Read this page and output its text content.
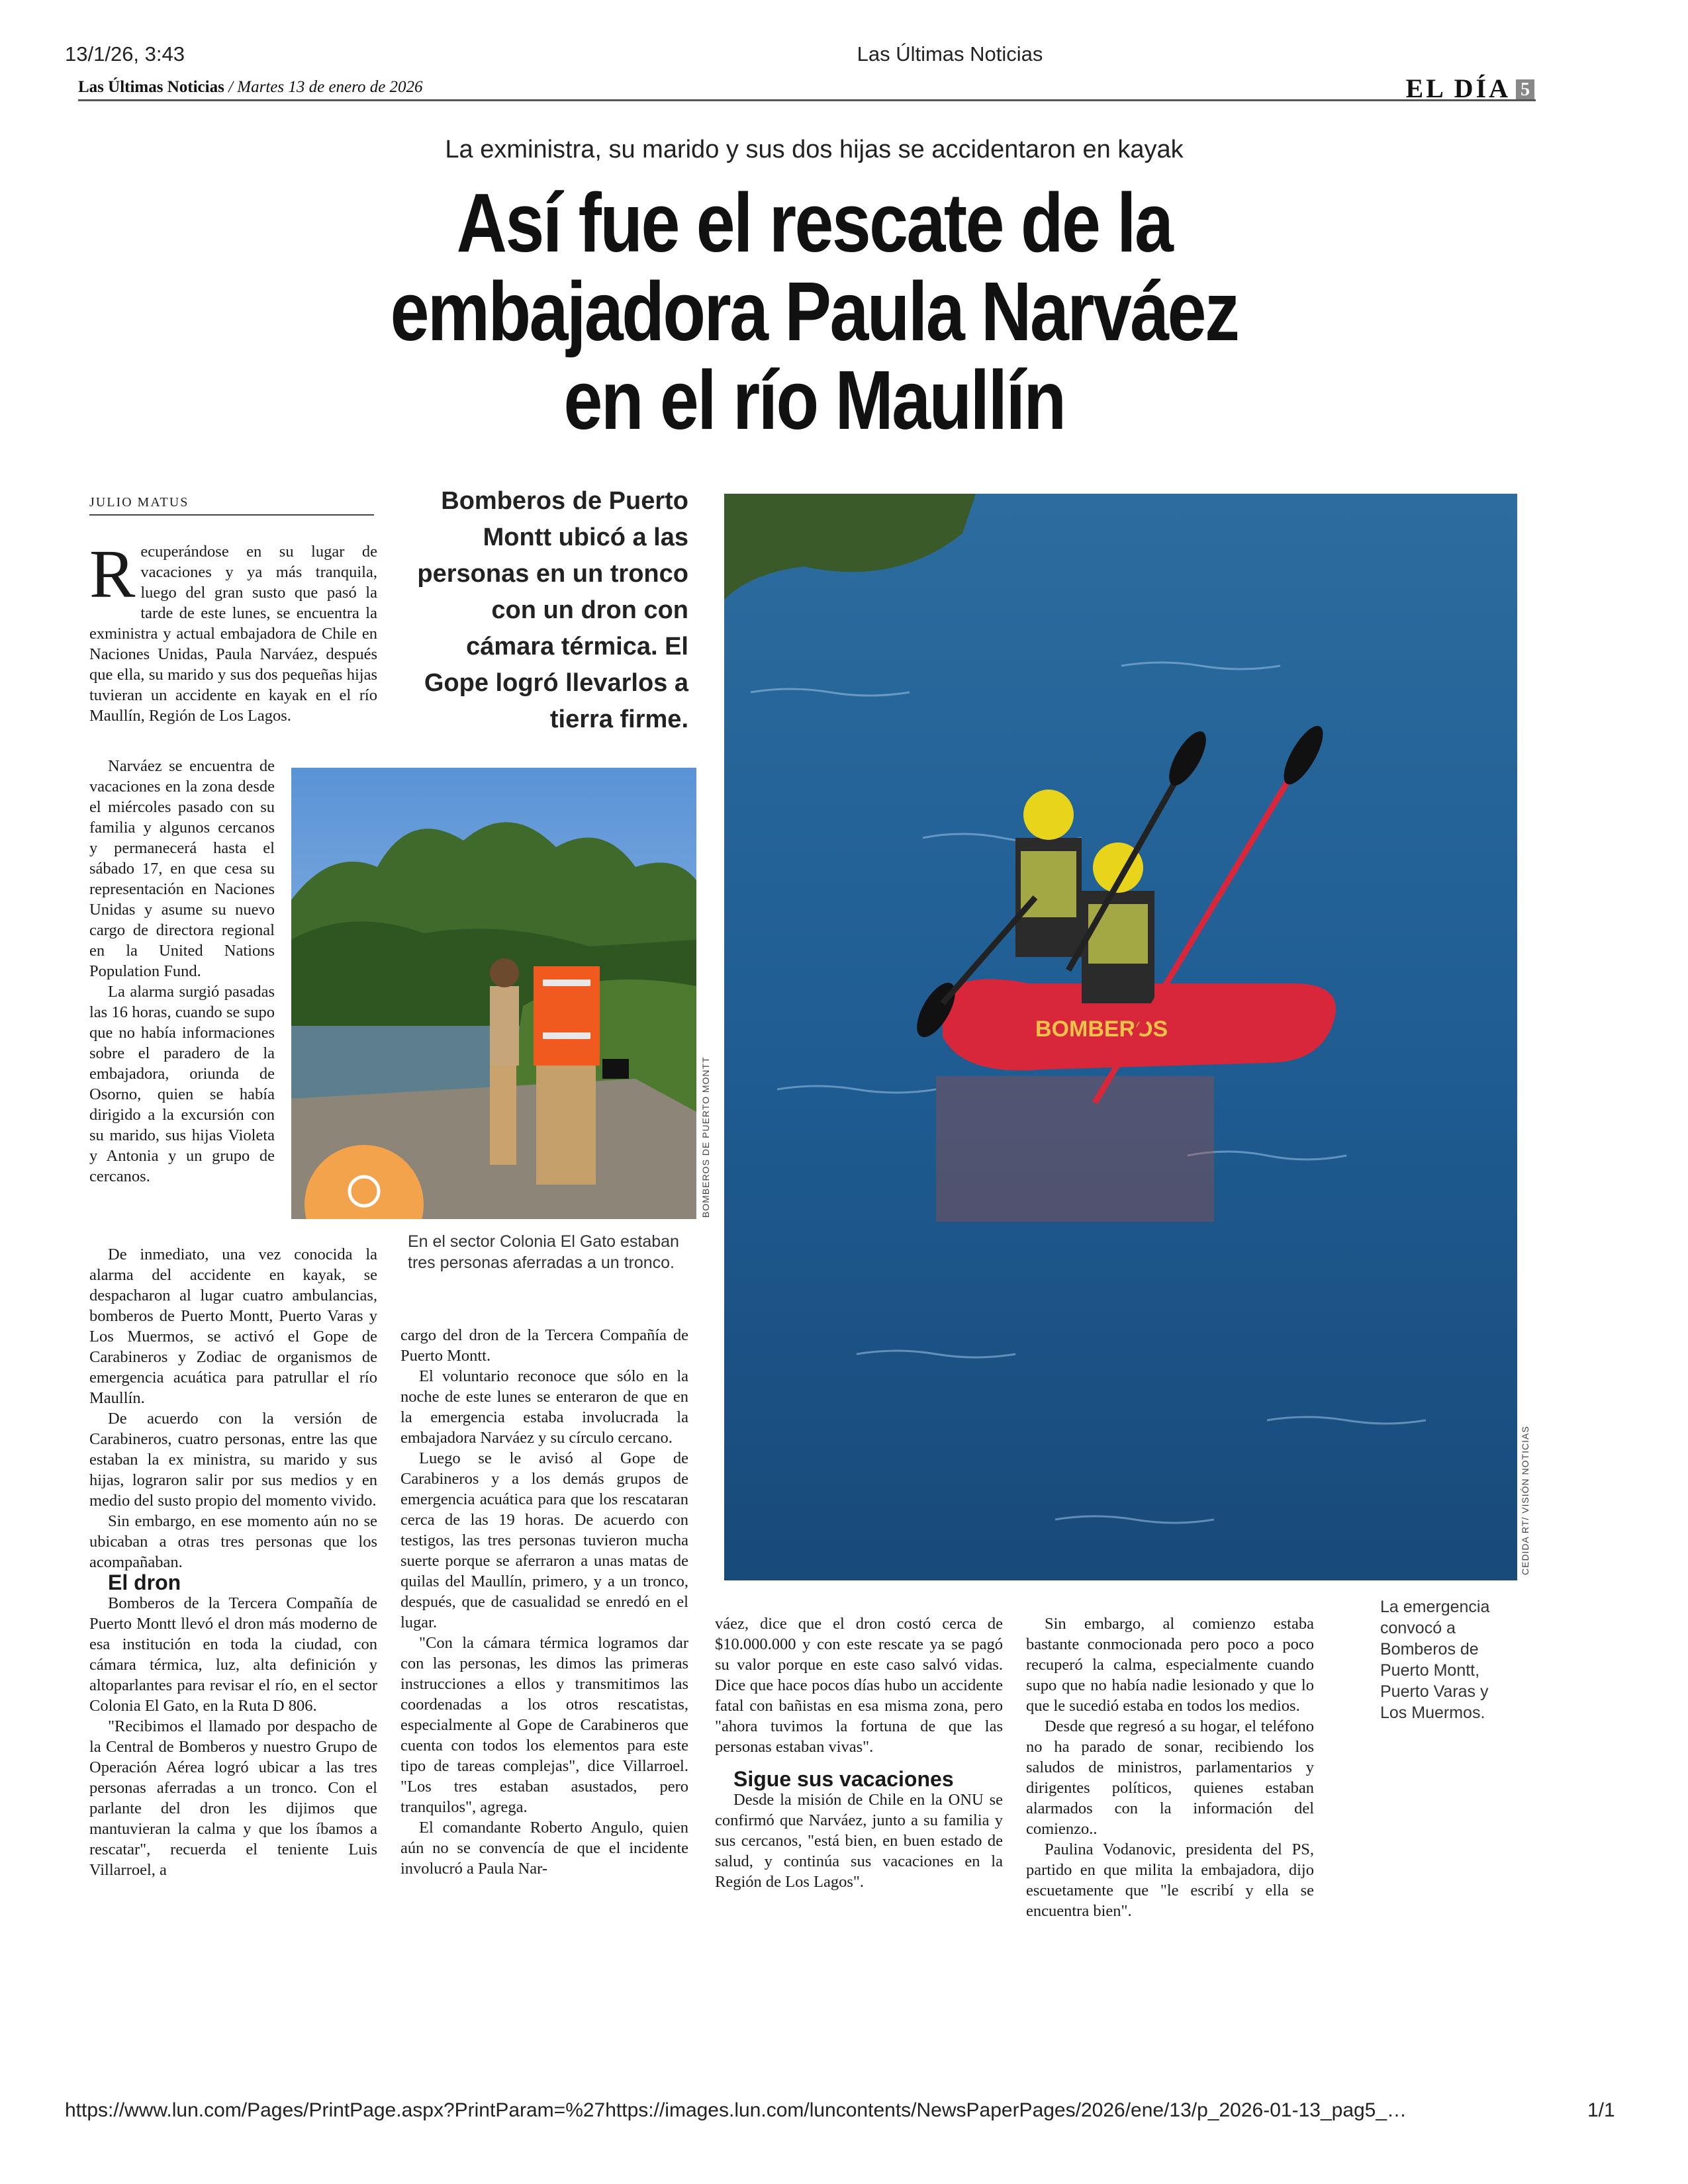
13/1/26, 3:43	Las Últimas Noticias
Las Últimas Noticias / Martes 13 de enero de 2026	EL DÍA 5
La exministra, su marido y sus dos hijas se accidentaron en kayak
Así fue el rescate de la
embajadora Paula Narváez
en el río Maullín
JULIO MATUS	Bomberos de Puerto Montt ubicó a las personas en un tronco con un dron con cámara térmica. El Gope logró llevarlos a tierra firme.

Recuperándose en su lugar de vacaciones y ya más tranquila, luego del gran susto que pasó la tarde de este lunes, se encuentra la exministra y actual embajadora de Chile en Naciones Unidas, Paula Narváez, después que ella, su marido y sus dos pequeñas hijas tuvieran un accidente en kayak en el río Maullín, Región de Los Lagos.

Narváez se encuentra de vacaciones en la zona desde el miércoles pasado con su familia y algunos cercanos y permanecerá hasta el sábado 17, en que cesa su representación en Naciones Unidas y asume su nuevo cargo de directora regional en la United Nations Population Fund.

La alarma surgió pasadas las 16 horas, cuando se supo que no había informaciones sobre el paradero de la embajadora, oriunda de Osorno, quien se había dirigido a la excursión con su marido, sus hijas Violeta y Antonia y un grupo de cercanos.

De inmediato, una vez conocida la alarma del accidente en kayak, se despacharon al lugar cuatro ambulancias, bomberos de Puerto Montt, Puerto Varas y Los Muermos, se activó el Gope de Carabineros y Zodiac de organismos de emergencia acuática para patrullar el río Maullín.

De acuerdo con la versión de Carabineros, cuatro personas, entre las que estaban la ex ministra, su marido y sus hijas, lograron salir por sus medios y en medio del susto propio del momento vivido.

Sin embargo, en ese momento aún no se ubicaban a otras tres personas que los acompañaban.

El dron

Bomberos de la Tercera Compañía de Puerto Montt llevó el dron más moderno de esa institución en toda la ciudad, con cámara térmica, luz, alta definición y altoparlantes para revisar el río, en el sector Colonia El Gato, en la Ruta D 806.

"Recibimos el llamado por despacho de la Central de Bomberos y nuestro Grupo de Operación Aérea logró ubicar a las tres personas aferradas a un tronco. Con el parlante del dron les dijimos que mantuvieran la calma y que los íbamos a rescatar", recuerda el teniente Luis Villarroel, a

BOMBEROS DE PUERTO MONTT
En el sector Colonia El Gato estaban tres personas aferradas a un tronco.
BOMBEROS
CEDIDA RT/ VISIÓN NOTICIAS
La emergencia convocó a Bomberos de Puerto Montt, Puerto Varas y Los Muermos.

cargo del dron de la Tercera Compañía de Puerto Montt.

El voluntario reconoce que sólo en la noche de este lunes se enteraron de que en la emergencia estaba involucrada la embajadora Narváez y su círculo cercano.

Luego se le avisó al Gope de Carabineros y a los demás grupos de emergencia acuática para que los rescataran cerca de las 19 horas. De acuerdo con testigos, las tres personas tuvieron mucha suerte porque se aferraron a unas matas de quilas del Maullín, primero, y a un tronco, después, que de casualidad se enredó en el lugar.

"Con la cámara térmica logramos dar con las personas, les dimos las primeras instrucciones a ellos y transmitimos las coordenadas a los otros rescatistas, especialmente al Gope de Carabineros que cuenta con todos los elementos para este tipo de tareas complejas", dice Villarroel. "Los tres estaban asustados, pero tranquilos", agrega.

El comandante Roberto Angulo, quien aún no se convencía de que el incidente involucró a Paula Nar-

váez, dice que el dron costó cerca de $10.000.000 y con este rescate ya se pagó su valor porque en este caso salvó vidas. Dice que hace pocos días hubo un accidente fatal con bañistas en esa misma zona, pero "ahora tuvimos la fortuna de que las personas estaban vivas".

Sigue sus vacaciones

Desde la misión de Chile en la ONU se confirmó que Narváez, junto a su familia y sus cercanos, "está bien, en buen estado de salud, y continúa sus vacaciones en la Región de Los Lagos".

Sin embargo, al comienzo estaba bastante conmocionada pero poco a poco recuperó la calma, especialmente cuando supo que no había nadie lesionado y que lo que le sucedió estaba en todos los medios.

Desde que regresó a su hogar, el teléfono no ha parado de sonar, recibiendo los saludos de ministros, parlamentarios y dirigentes políticos, quienes estaban alarmados con la información del comienzo..

Paulina Vodanovic, presidenta del PS, partido en que milita la embajadora, dijo escuetamente que "le escribí y ella se encuentra bien".

https://www.lun.com/Pages/PrintPage.aspx?PrintParam=%27https://images.lun.com/luncontents/NewsPaperPages/2026/ene/13/p_2026-01-13_pag5_…	1/1
